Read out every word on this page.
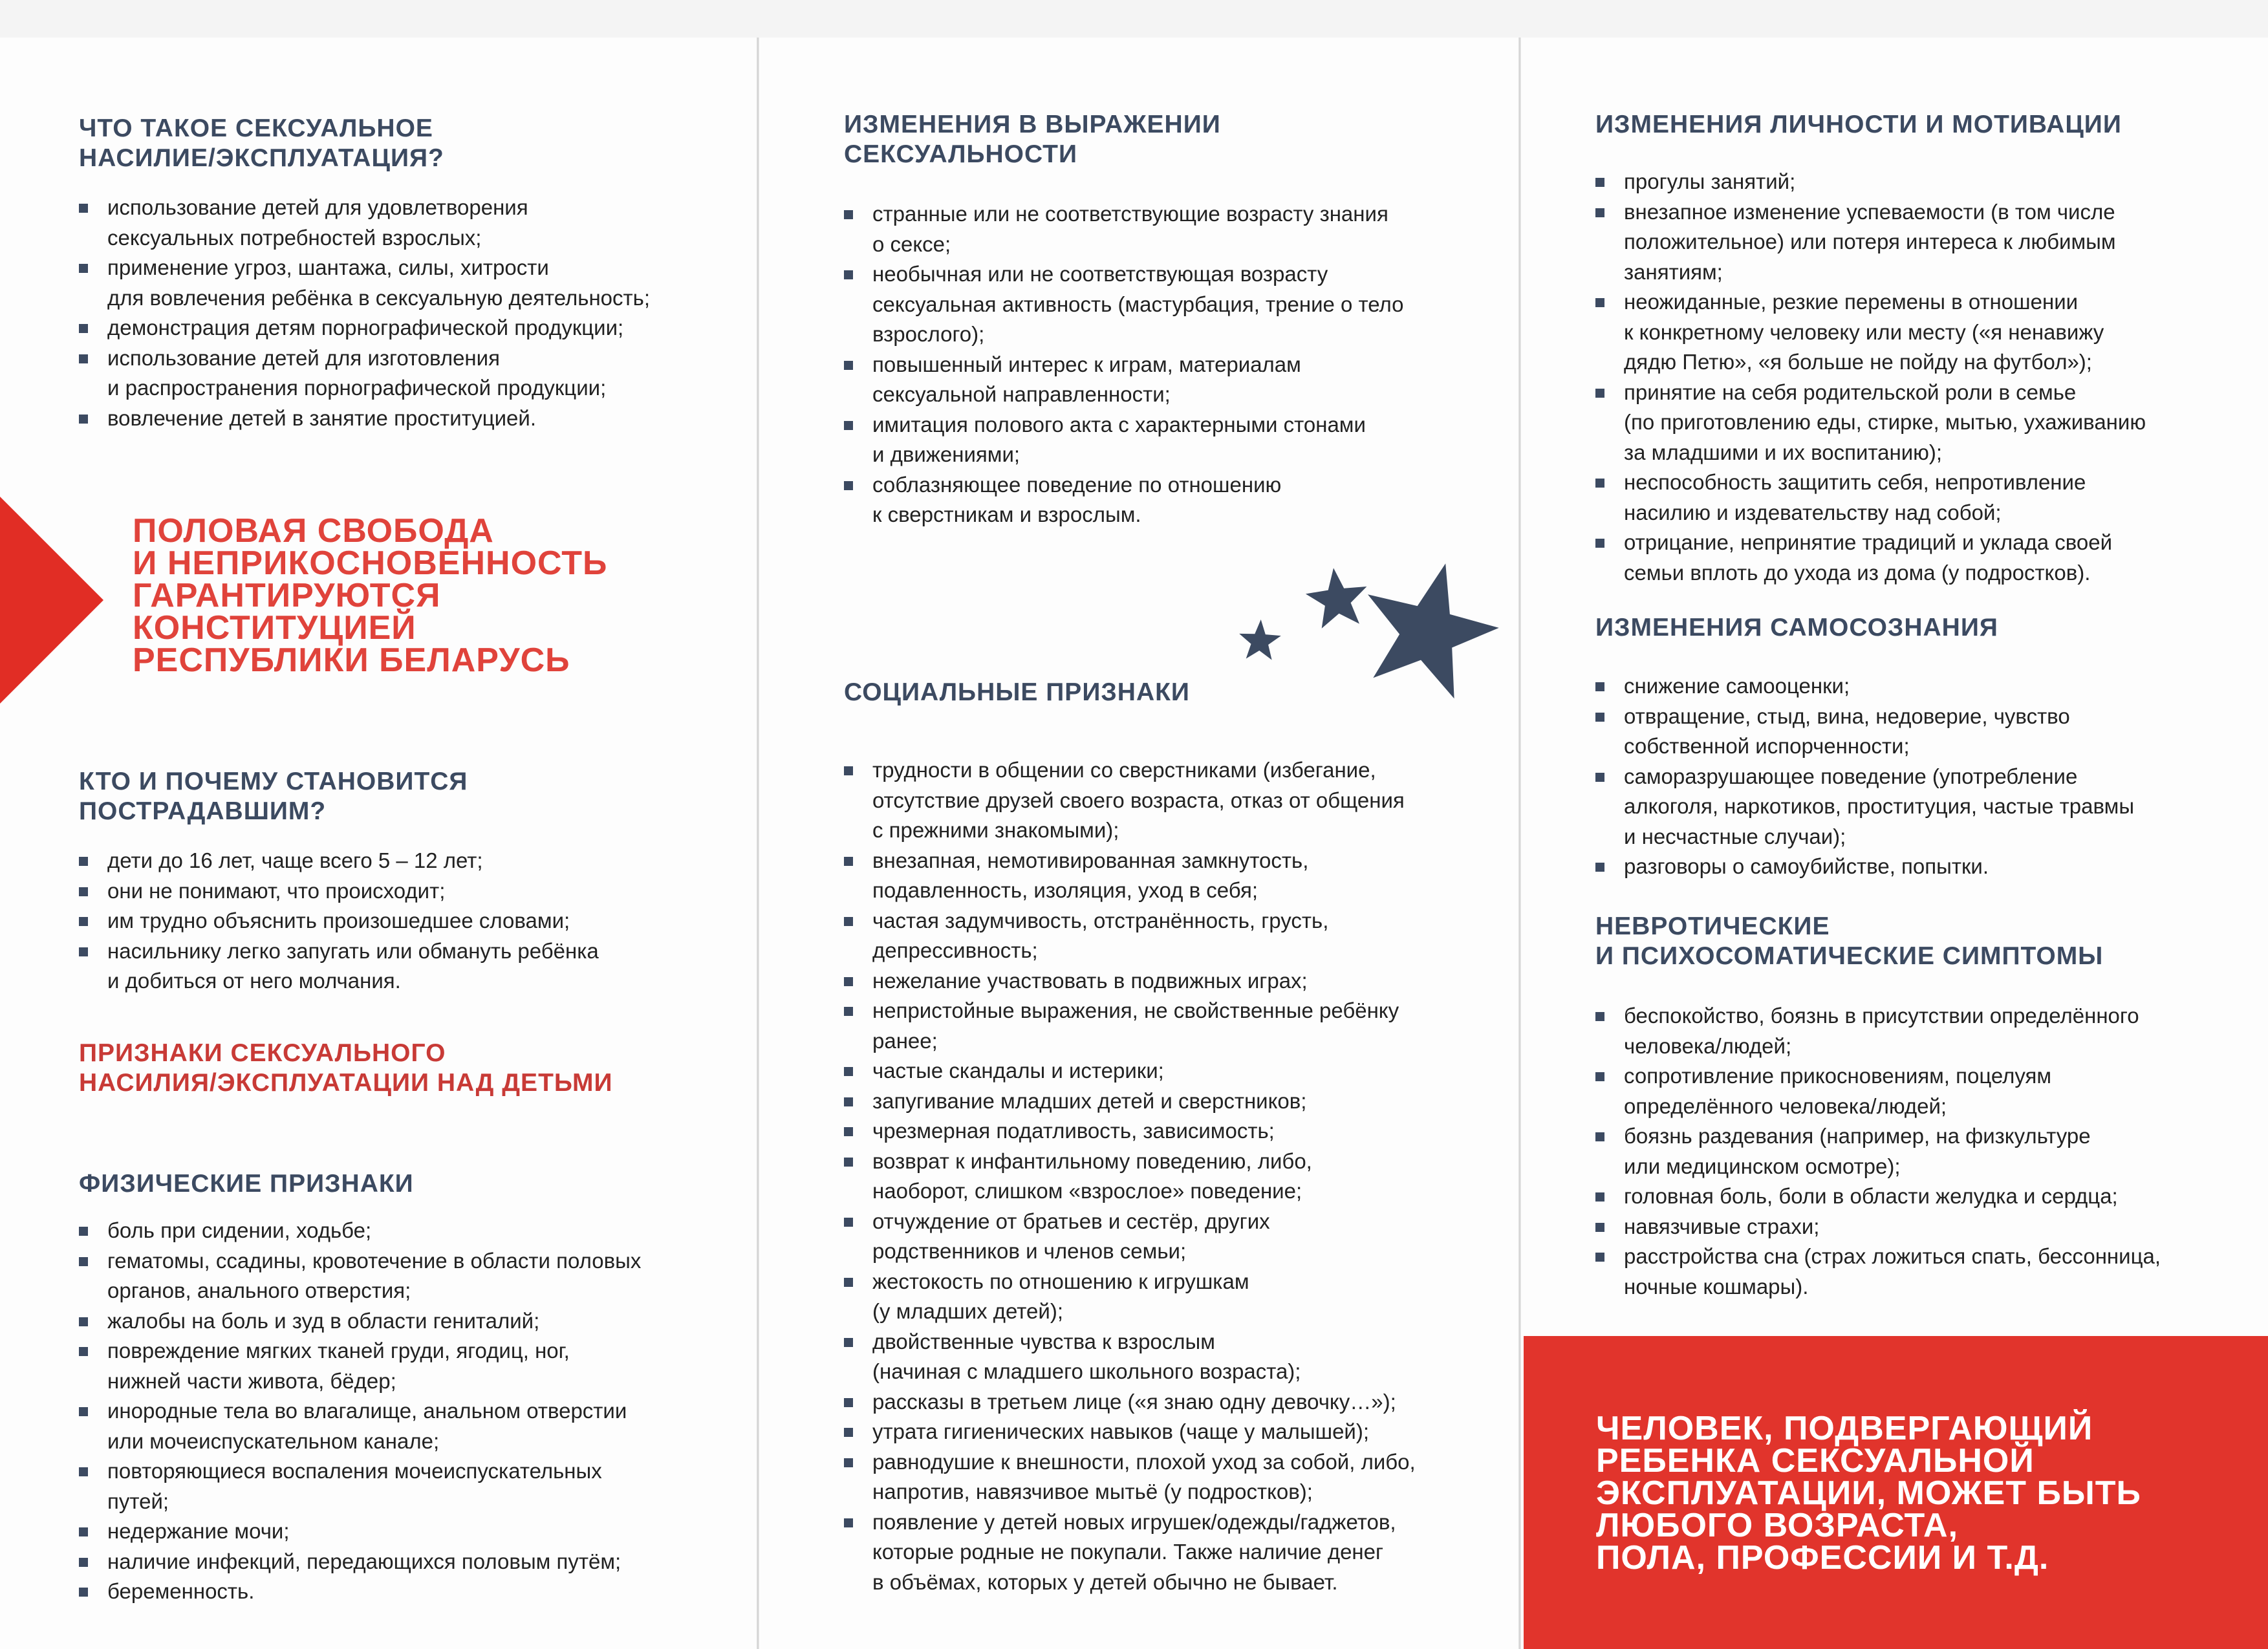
ЧТО ТАКОЕ СЕКСУАЛЬНОЕ
НАСИЛИЕ/ЭКСПЛУАТАЦИЯ?
использование детей для удовлетворения
сексуальных потребностей взрослых;
применение угроз, шантажа, силы, хитрости
для вовлечения ребёнка в сексуальную деятельность;
демонстрация детям порнографической продукции;
использование детей для изготовления
и распространения порнографической продукции;
вовлечение детей в занятие проституцией.
ПОЛОВАЯ СВОБОДА
И НЕПРИКОСНОВЕННОСТЬ
ГАРАНТИРУЮТСЯ
КОНСТИТУЦИЕЙ
РЕСПУБЛИКИ БЕЛАРУСЬ
КТО И ПОЧЕМУ СТАНОВИТСЯ
ПОСТРАДАВШИМ?
дети до 16 лет, чаще всего 5 – 12 лет;
они не понимают, что происходит;
им трудно объяснить произошедшее словами;
насильнику легко запугать или обмануть ребёнка
и добиться от него молчания.
ПРИЗНАКИ СЕКСУАЛЬНОГО
НАСИЛИЯ/ЭКСПЛУАТАЦИИ НАД ДЕТЬМИ
ФИЗИЧЕСКИЕ ПРИЗНАКИ
боль при сидении, ходьбе;
гематомы, ссадины, кровотечение в области половых
органов, анального отверстия;
жалобы на боль и зуд в области гениталий;
повреждение мягких тканей груди, ягодиц, ног,
нижней части живота, бёдер;
инородные тела во влагалище, анальном отверстии
или мочеиспускательном канале;
повторяющиеся воспаления мочеиспускательных
путей;
недержание мочи;
наличие инфекций, передающихся половым путём;
беременность.
ИЗМЕНЕНИЯ В ВЫРАЖЕНИИ
СЕКСУАЛЬНОСТИ
странные или не соответствующие возрасту знания
о сексе;
необычная или не соответствующая возрасту
сексуальная активность (мастурбация, трение о тело
взрослого);
повышенный интерес к играм, материалам
сексуальной направленности;
имитация полового акта с характерными стонами
и движениями;
соблазняющее поведение по отношению
к сверстникам и взрослым.
СОЦИАЛЬНЫЕ ПРИЗНАКИ
трудности в общении со сверстниками (избегание,
отсутствие друзей своего возраста, отказ от общения
с прежними знакомыми);
внезапная, немотивированная замкнутость,
подавленность, изоляция, уход в себя;
частая задумчивость, отстранённость, грусть,
депрессивность;
нежелание участвовать в подвижных играх;
непристойные выражения, не свойственные ребёнку
ранее;
частые скандалы и истерики;
запугивание младших детей и сверстников;
чрезмерная податливость, зависимость;
возврат к инфантильному поведению, либо,
наоборот, слишком «взрослое» поведение;
отчуждение от братьев и сестёр, других
родственников и членов семьи;
жестокость по отношению к игрушкам
(у младших детей);
двойственные чувства к взрослым
(начиная с младшего школьного возраста);
рассказы в третьем лице («я знаю одну девочку…»);
утрата гигиенических навыков (чаще у малышей);
равнодушие к внешности, плохой уход за собой, либо,
напротив, навязчивое мытьё (у подростков);
появление у детей новых игрушек/одежды/гаджетов,
которые родные не покупали. Также наличие денег
в объёмах, которых у детей обычно не бывает.
ИЗМЕНЕНИЯ ЛИЧНОСТИ И МОТИВАЦИИ
прогулы занятий;
внезапное изменение успеваемости (в том числе
положительное) или потеря интереса к любимым
занятиям;
неожиданные, резкие перемены в отношении
к конкретному человеку или месту («я ненавижу
дядю Петю», «я больше не пойду на футбол»);
принятие на себя родительской роли в семье
(по приготовлению еды, стирке, мытью, ухаживанию
за младшими и их воспитанию);
неспособность защитить себя, непротивление
насилию и издевательству над собой;
отрицание, непринятие традиций и уклада своей
семьи вплоть до ухода из дома (у подростков).
ИЗМЕНЕНИЯ САМОСОЗНАНИЯ
снижение самооценки;
отвращение, стыд, вина, недоверие, чувство
собственной испорченности;
саморазрушающее поведение (употребление
алкоголя, наркотиков, проституция, частые травмы
и несчастные случаи);
разговоры о самоубийстве, попытки.
НЕВРОТИЧЕСКИЕ
И ПСИХОСОМАТИЧЕСКИЕ СИМПТОМЫ
беспокойство, боязнь в присутствии определённого
человека/людей;
сопротивление прикосновениям, поцелуям
определённого человека/людей;
боязнь раздевания (например, на физкультуре
или медицинском осмотре);
головная боль, боли в области желудка и сердца;
навязчивые страхи;
расстройства сна (страх ложиться спать, бессонница,
ночные кошмары).
ЧЕЛОВЕК, ПОДВЕРГАЮЩИЙ
РЕБЕНКА СЕКСУАЛЬНОЙ
ЭКСПЛУАТАЦИИ, МОЖЕТ БЫТЬ
ЛЮБОГО ВОЗРАСТА,
ПОЛА, ПРОФЕССИИ И Т.Д.
